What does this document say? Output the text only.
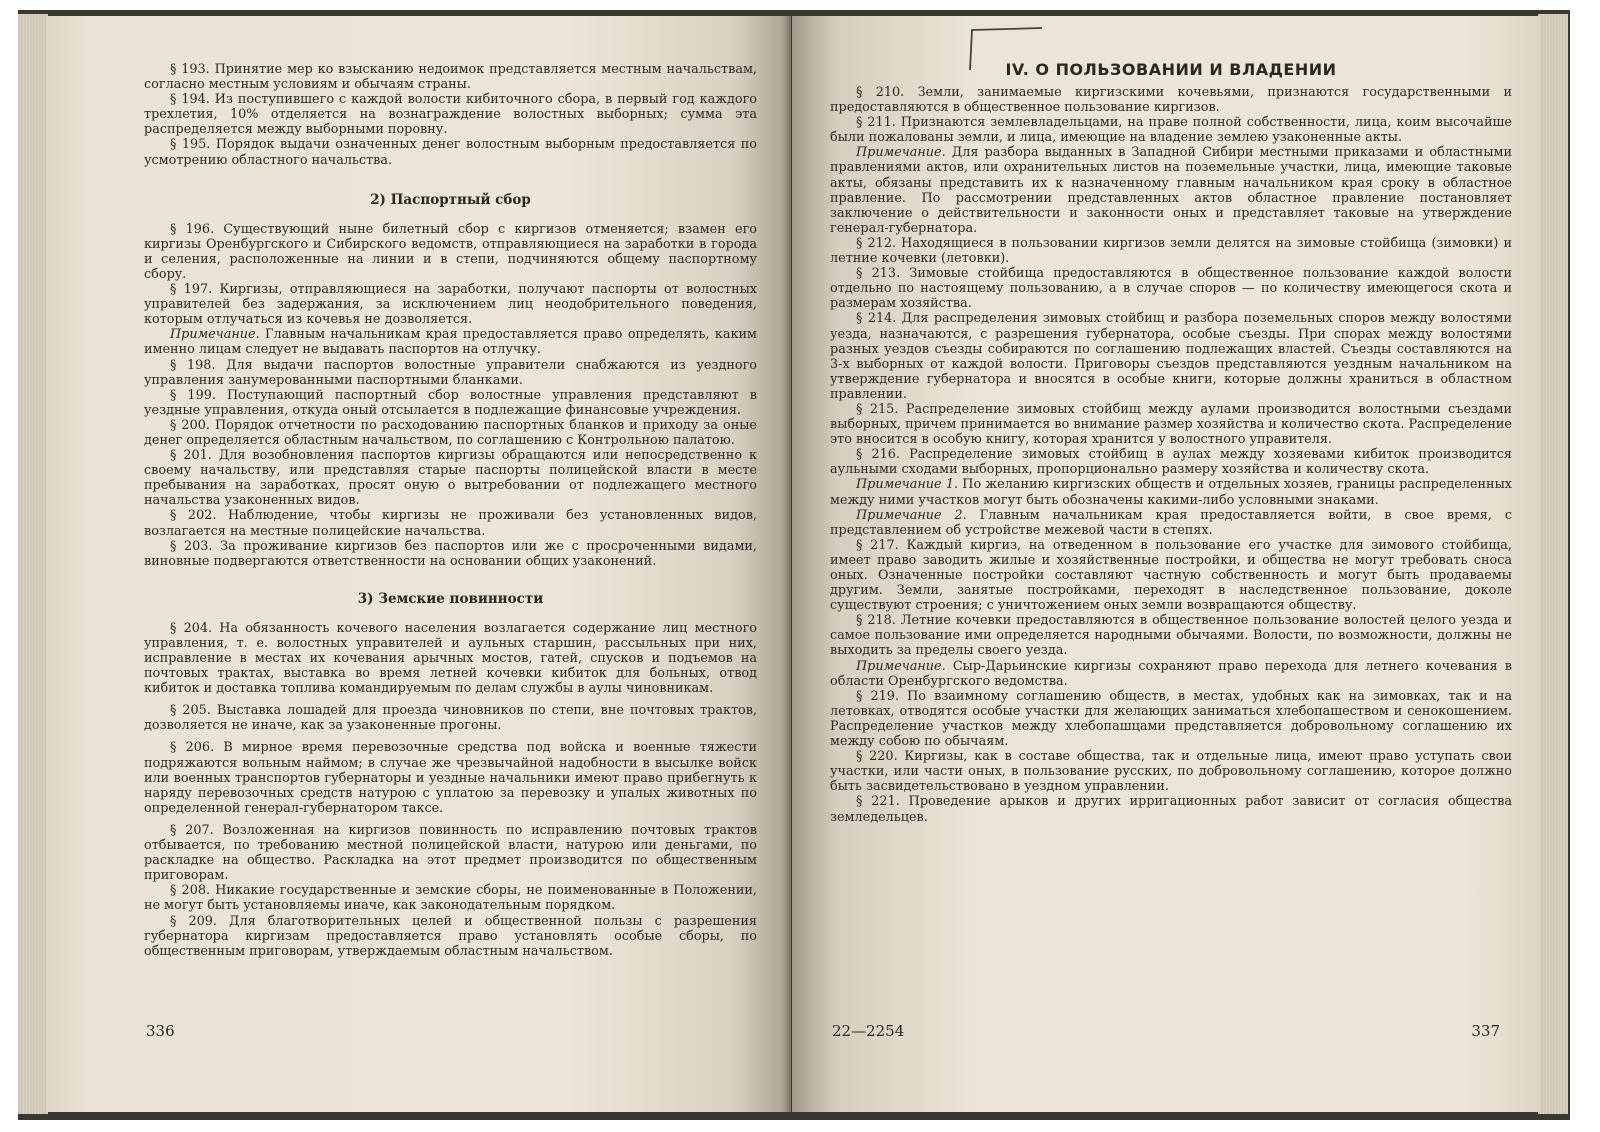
§ 193. Принятие мер ко взысканию недоимок представляется местным начальствам, согласно местным условиям и обычаям страны.

§ 194. Из поступившего с каждой волости кибиточного сбора, в первый год каждого трехлетия, 10% отделяется на вознаграждение волостных выборных; сумма эта распределяется между выборными поровну.

§ 195. Порядок выдачи означенных денег волостным выборным предоставляется по усмотрению областного начальства.

2) Паспортный сбор

§ 196. Существующий ныне билетный сбор с киргизов отменяется; взамен его киргизы Оренбургского и Сибирского ведомств, отправляющиеся на заработки в города и селения, расположенные на линии и в степи, подчиняются общему паспортному сбору.

§ 197. Киргизы, отправляющиеся на заработки, получают паспорты от волостных управителей без задержания, за исключением лиц неодобрительного поведения, которым отлучаться из кочевья не дозволяется.

Примечание. Главным начальникам края предоставляется право определять, каким именно лицам следует не выдавать паспортов на отлучку.

§ 198. Для выдачи паспортов волостные управители снабжаются из уездного управления занумерованными паспортными бланками.

§ 199. Поступающий паспортный сбор волостные управления представляют в уездные управления, откуда оный отсылается в подлежащие финансовые учреждения.

§ 200. Порядок отчетности по расходованию паспортных бланков и приходу за оные денег определяется областным начальством, по соглашению с Контрольною палатою.

§ 201. Для возобновления паспортов киргизы обращаются или непосредственно к своему начальству, или представляя старые паспорты полицейской власти в месте пребывания на заработках, просят оную о вытребовании от подлежащего местного начальства узаконенных видов.

§ 202. Наблюдение, чтобы киргизы не проживали без установленных видов, возлагается на местные полицейские начальства.

§ 203. За проживание киргизов без паспортов или же с просроченными видами, виновные подвергаются ответственности на основании общих узаконений.

3) Земские повинности

§ 204. На обязанность кочевого населения возлагается содержание лиц местного управления, т. е. волостных управителей и аульных старшин, рассыльных при них, исправление в местах их кочевания арычных мостов, гатей, спусков и подъемов на почтовых трактах, выставка во время летней кочевки кибиток для больных, отвод кибиток и доставка топлива командируемым по делам службы в аулы чиновникам.

§ 205. Выставка лошадей для проезда чиновников по степи, вне почтовых трактов, дозволяется не иначе, как за узаконенные прогоны.

§ 206. В мирное время перевозочные средства под войска и военные тяжести подряжаются вольным наймом; в случае же чрезвычайной надобности в высылке войск или военных транспортов губернаторы и уездные начальники имеют право прибегнуть к наряду перевозочных средств натурою с уплатою за перевозку и упалых животных по определенной генерал-губернатором таксе.

§ 207. Возложенная на киргизов повинность по исправлению почтовых трактов отбывается, по требованию местной полицейской власти, натурою или деньгами, по раскладке на общество. Раскладка на этот предмет производится по общественным приговорам.

§ 208. Никакие государственные и земские сборы, не поименованные в Положении, не могут быть установляемы иначе, как законодательным порядком.

§ 209. Для благотворительных целей и общественной пользы с разрешения губернатора киргизам предоставляется право установлять особые сборы, по общественным приговорам, утверждаемым областным начальством.

336
IV. О ПОЛЬЗОВАНИИ И ВЛАДЕНИИ

§ 210. Земли, занимаемые киргизскими кочевьями, признаются государственными и предоставляются в общественное пользование киргизов.

§ 211. Признаются землевладельцами, на праве полной собственности, лица, коим высочайше были пожалованы земли, и лица, имеющие на владение землею узаконенные акты.

Примечание. Для разбора выданных в Западной Сибири местными приказами и областными правлениями актов, или охранительных листов на поземельные участки, лица, имеющие таковые акты, обязаны представить их к назначенному главным начальником края сроку в областное правление. По рассмотрении представленных актов областное правление постановляет заключение о действительности и законности оных и представляет таковые на утверждение генерал-губернатора.

§ 212. Находящиеся в пользовании киргизов земли делятся на зимовые стойбища (зимовки) и летние кочевки (летовки).

§ 213. Зимовые стойбища предоставляются в общественное пользование каждой волости отдельно по настоящему пользованию, а в случае споров — по количеству имеющегося скота и размерам хозяйства.

§ 214. Для распределения зимовых стойбищ и разбора поземельных споров между волостями уезда, назначаются, с разрешения губернатора, особые съезды. При спорах между волостями разных уездов съезды собираются по соглашению подлежащих властей. Съезды составляются на 3-х выборных от каждой волости. Приговоры съездов представляются уездным начальником на утверждение губернатора и вносятся в особые книги, которые должны храниться в областном правлении.

§ 215. Распределение зимовых стойбищ между аулами производится волостными съездами выборных, причем принимается во внимание размер хозяйства и количество скота. Распределение это вносится в особую книгу, которая хранится у волостного управителя.

§ 216. Распределение зимовых стойбищ в аулах между хозяевами кибиток производится аульными сходами выборных, пропорционально размеру хозяйства и количеству скота.

Примечание 1. По желанию киргизских обществ и отдельных хозяев, границы распределенных между ними участков могут быть обозначены какими-либо условными знаками.

Примечание 2. Главным начальникам края предоставляется войти, в свое время, с представлением об устройстве межевой части в степях.

§ 217. Каждый киргиз, на отведенном в пользование его участке для зимового стойбища, имеет право заводить жилые и хозяйственные постройки, и общества не могут требовать сноса оных. Означенные постройки составляют частную собственность и могут быть продаваемы другим. Земли, занятые постройками, переходят в наследственное пользование, доколе существуют строения; с уничтожением оных земли возвращаются обществу.

§ 218. Летние кочевки предоставляются в общественное пользование волостей целого уезда и самое пользование ими определяется народными обычаями. Волости, по возможности, должны не выходить за пределы своего уезда.

Примечание. Сыр-Дарьинские киргизы сохраняют право перехода для летнего кочевания в области Оренбургского ведомства.

§ 219. По взаимному соглашению обществ, в местах, удобных как на зимовках, так и на летовках, отводятся особые участки для желающих заниматься хлебопашеством и сенокошением. Распределение участков между хлебопашцами представляется добровольному соглашению их между собою по обычаям.

§ 220. Киргизы, как в составе общества, так и отдельные лица, имеют право уступать свои участки, или части оных, в пользование русских, по добровольному соглашению, которое должно быть засвидетельствовано в уездном управлении.

§ 221. Проведение арыков и других ирригационных работ зависит от согласия общества земледельцев.

22—2254	337
